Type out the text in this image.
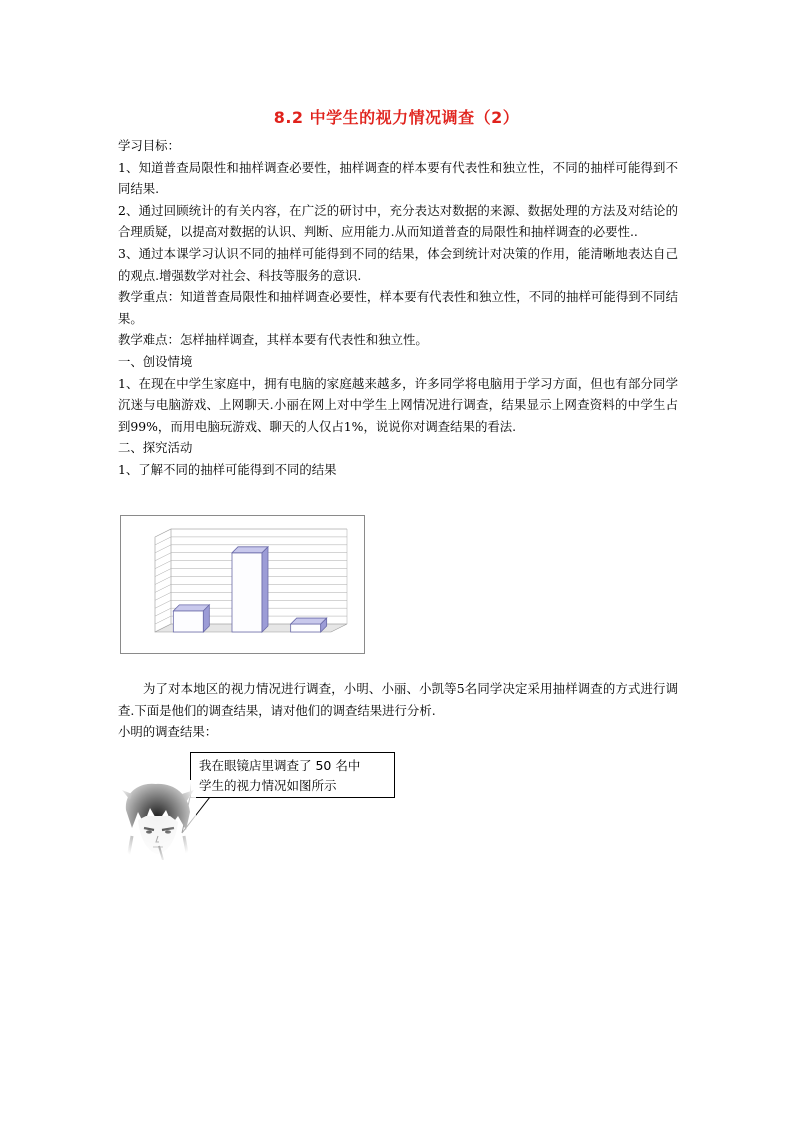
8.2 中学生的视力情况调查（2）

学习目标：

1、知道普查局限性和抽样调查必要性，抽样调查的样本要有代表性和独立性，不同的抽样可能得到不同结果.

2、通过回顾统计的有关内容，在广泛的研讨中，充分表达对数据的来源、数据处理的方法及对结论的合理质疑，以提高对数据的认识、判断、应用能力.从而知道普查的局限性和抽样调查的必要性..

3、通过本课学习认识不同的抽样可能得到不同的结果，体会到统计对决策的作用，能清晰地表达自己的观点.增强数学对社会、科技等服务的意识.

教学重点：知道普查局限性和抽样调查必要性，样本要有代表性和独立性，不同的抽样可能得到不同结果。

教学难点：怎样抽样调查，其样本要有代表性和独立性。

一、创设情境

1、在现在中学生家庭中，拥有电脑的家庭越来越多，许多同学将电脑用于学习方面，但也有部分同学沉迷与电脑游戏、上网聊天.小丽在网上对中学生上网情况进行调查，结果显示上网查资料的中学生占到99%，而用电脑玩游戏、聊天的人仅占1%，说说你对调查结果的看法.

二、探究活动

1、了解不同的抽样可能得到不同的结果

为了对本地区的视力情况进行调查，小明、小丽、小凯等5名同学决定采用抽样调查的方式进行调查.下面是他们的调查结果，请对他们的调查结果进行分析.

小明的调查结果：

我在眼镜店里调查了 50 名中
学生的视力情况如图所示
